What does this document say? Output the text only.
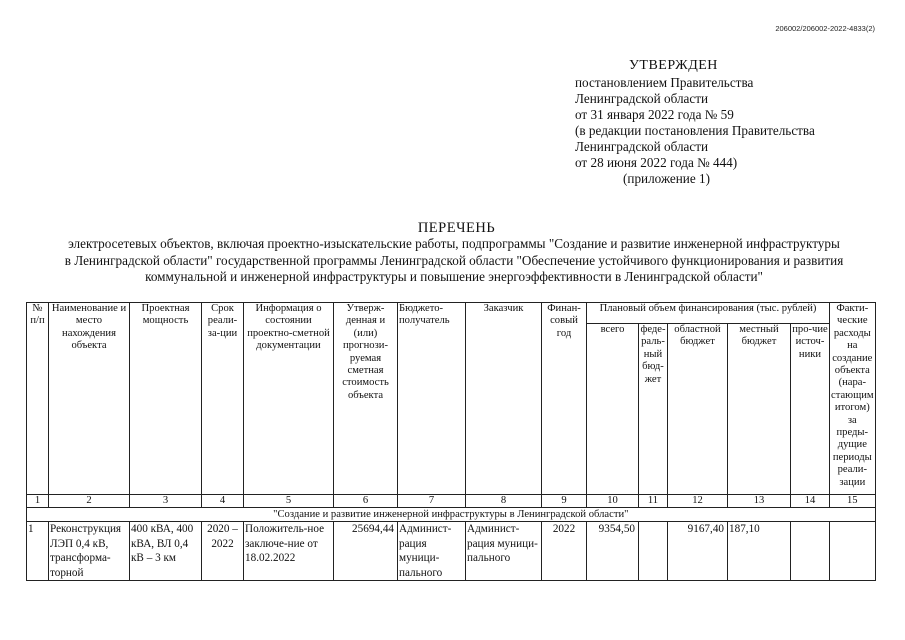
206002/206002-2022-4833(2)
УТВЕРЖДЕН
постановлением Правительства
Ленинградской области
от 31 января 2022 года № 59
(в редакции постановления Правительства
Ленинградской области
от 28 июня 2022 года № 444)
(приложение 1)
ПЕРЕЧЕНЬ
электросетевых объектов, включая проектно-изыскательские работы, подпрограммы "Создание и развитие инженерной инфраструктуры
в Ленинградской области" государственной программы Ленинградской области "Обеспечение устойчивого функционирования и развития
коммунальной и инженерной инфраструктуры и повышение энергоэффективности в Ленинградской области"
№ п/п	Наименование и место нахождения объекта	Проектная мощность	Срок реали-за-ции	Информация о состоянии проектно-сметной документации	Утверж-денная и (или) прогнози-руемая сметная стоимость объекта	Бюджето-получатель	Заказчик	Финан-совый год	Плановый объем финансирования (тыс. рублей)					Факти-ческие расходы на создание объекта (нара-стающим итогом) за преды-дущие периоды реали-зации
									всего	феде-раль-ный бюд-жет	областной бюджет	местный бюджет	про-чие источ-ники	
1	2	3	4	5	6	7	8	9	10	11	12	13	14	15
"Создание и развитие инженерной инфраструктуры в Ленинградской области"														
1	Реконструкция ЛЭП 0,4 кВ, трансформа-торной	400 кВА, 400 кВА, ВЛ 0,4 кВ – 3 км	2020 – 2022	Положитель-ное заключе-ние от 18.02.2022	25694,44	Админист-рация муници-пального	Админист-рация муници-пального	2022	9354,50		9167,40	187,10		
